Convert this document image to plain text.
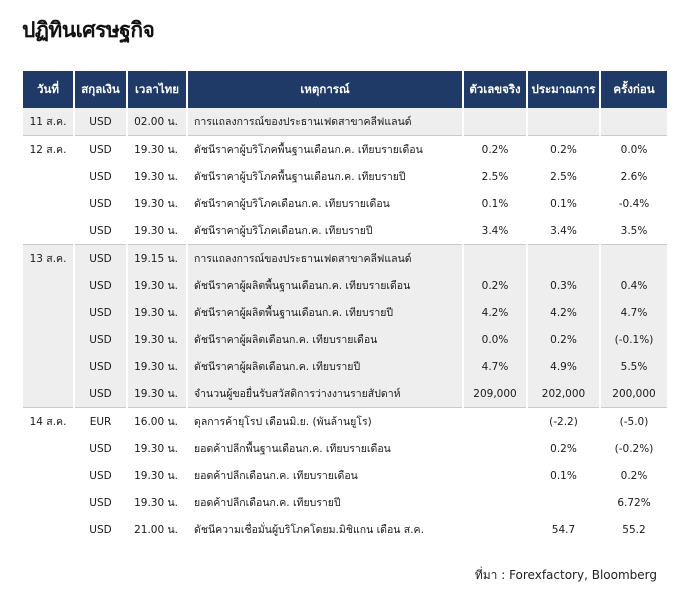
ปฏิทินเศรษฐกิจ
วันที่	สกุลเงิน	เวลาไทย	เหตุการณ์	ตัวเลขจริง	ประมาณการ	ครั้งก่อน
11 ส.ค.	USD	02.00 น.	การแถลงการณ์ของประธานเฟดสาขาคลีฟแลนด์			
12 ส.ค.	USD	19.30 น.	ดัชนีราคาผู้บริโภคพื้นฐานเดือนก.ค. เทียบรายเดือน	0.2%	0.2%	0.0%
	USD	19.30 น.	ดัชนีราคาผู้บริโภคพื้นฐานเดือนก.ค. เทียบรายปี	2.5%	2.5%	2.6%
	USD	19.30 น.	ดัชนีราคาผู้บริโภคเดือนก.ค. เทียบรายเดือน	0.1%	0.1%	-0.4%
	USD	19.30 น.	ดัชนีราคาผู้บริโภคเดือนก.ค. เทียบรายปี	3.4%	3.4%	3.5%
13 ส.ค.	USD	19.15 น.	การแถลงการณ์ของประธานเฟดสาขาคลีฟแลนด์			
	USD	19.30 น.	ดัชนีราคาผู้ผลิตพื้นฐานเดือนก.ค. เทียบรายเดือน	0.2%	0.3%	0.4%
	USD	19.30 น.	ดัชนีราคาผู้ผลิตพื้นฐานเดือนก.ค. เทียบรายปี	4.2%	4.2%	4.7%
	USD	19.30 น.	ดัชนีราคาผู้ผลิตเดือนก.ค. เทียบรายเดือน	0.0%	0.2%	(-0.1%)
	USD	19.30 น.	ดัชนีราคาผู้ผลิตเดือนก.ค. เทียบรายปี	4.7%	4.9%	5.5%
	USD	19.30 น.	จำนวนผู้ขอยื่นรับสวัสดิการว่างงานรายสัปดาห์	209,000	202,000	200,000
14 ส.ค.	EUR	16.00 น.	ดุลการค้ายุโรป เดือนมิ.ย. (พันล้านยูโร)		(-2.2)	(-5.0)
	USD	19.30 น.	ยอดค้าปลีกพื้นฐานเดือนก.ค. เทียบรายเดือน		0.2%	(-0.2%)
	USD	19.30 น.	ยอดค้าปลีกเดือนก.ค. เทียบรายเดือน		0.1%	0.2%
	USD	19.30 น.	ยอดค้าปลีกเดือนก.ค. เทียบรายปี			6.72%
	USD	21.00 น.	ดัชนีความเชื่อมั่นผู้บริโภคโดยม.มิชิแกน เดือน ส.ค.		54.7	55.2
ที่มา : Forexfactory, Bloomberg
